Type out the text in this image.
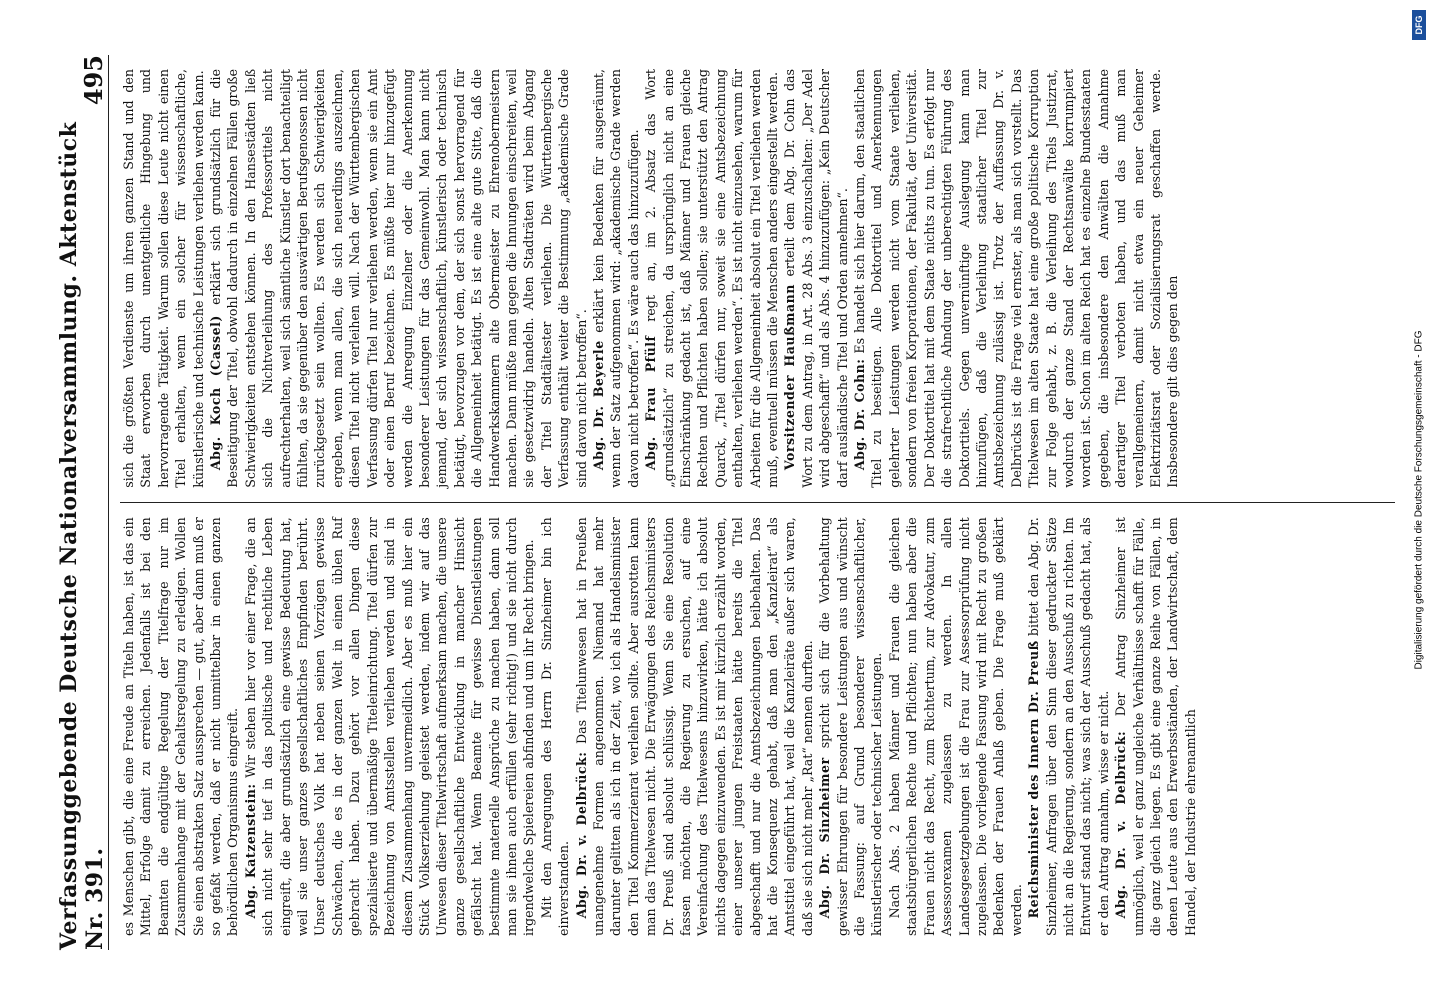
Verfassunggebende Deutsche Nationalversammlung. Aktenstück Nr. 391.
495

es Menschen gibt, die eine Freude an Titeln haben, ist das ein Mittel, Erfolge damit zu erreichen. Jedenfalls ist bei den Beamten die endgültige Regelung der Titelfrage nur im Zusammenhange mit der Gehaltsregelung zu erledigen. Wollen Sie einen abstrakten Satz aussprechen — gut, aber dann muß er so gefaßt werden, daß er nicht unmittelbar in einen ganzen behördlichen Organismus eingreift. Abg. Katzenstein: Wir stehen hier vor einer Frage, die an sich nicht sehr tief in das politische und rechtliche Leben eingreift, die aber grundsätzlich eine gewisse Bedeutung hat, weil sie unser ganzes gesellschaftliches Empfinden berührt. Unser deutsches Volk hat neben seinen Vorzügen gewisse Schwächen, die es in der ganzen Welt in einen üblen Ruf gebracht haben. Dazu gehört vor allen Dingen diese spezialisierte und übermäßige Titeleinrichtung. Titel dürfen zur Bezeichnung von Amtsstellen verliehen werden und sind in diesem Zusammenhang unvermeidlich. Aber es muß hier ein Stück Volkserziehung geleistet werden, indem wir auf das Unwesen dieser Titelwirtschaft aufmerksam machen, die unsere ganze gesellschaftliche Entwicklung in mancher Hinsicht gefälscht hat. Wenn Beamte für gewisse Dienstleistungen bestimmte materielle Ansprüche zu machen haben, dann soll man sie ihnen auch erfüllen (sehr richtig!) und sie nicht durch irgendwelche Spielereien abfinden und um ihr Recht bringen. Mit den Anregungen des Herrn Dr. Sinzheimer bin ich einverstanden. Abg. Dr. v. Delbrück: Das Titelunwesen hat in Preußen unangenehme Formen angenommen. Niemand hat mehr darunter gelitten als ich in der Zeit, wo ich als Handelsminister den Titel Kommerzienrat verleihen sollte. Aber ausrotten kann man das Titelwesen nicht. Die Erwägungen des Reichsministers Dr. Preuß sind absolut schlüssig. Wenn Sie eine Resolution fassen möchten, die Regierung zu ersuchen, auf eine Vereinfachung des Titelwesens hinzuwirken, hätte ich absolut nichts dagegen einzuwenden. Es ist mir kürzlich erzählt worden, einer unserer jungen Freistaaten hätte bereits die Titel abgeschafft und nur die Amtsbezeichnungen beibehalten. Das hat die Konsequenz gehabt, daß man den „Kanzleirat“ als Amtstitel eingeführt hat, weil die Kanzleiräte außer sich waren, daß sie sich nicht mehr „Rat“ nennen durften. Abg. Dr. Sinzheimer spricht sich für die Vorbehaltung gewisser Ehrungen für besondere Leistungen aus und wünscht die Fassung: auf Grund besonderer wissenschaftlicher, künstlerischer oder technischer Leistungen. Nach Abs. 2 haben Männer und Frauen die gleichen staatsbürgerlichen Rechte und Pflichten; nun haben aber die Frauen nicht das Recht, zum Richtertum, zur Advokatur, zum Assessorexamen zugelassen zu werden. In allen Landesgesetzgebungen ist die Frau zur Assessorprüfung nicht zugelassen. Die vorliegende Fassung wird mit Recht zu großen Bedenken der Frauen Anlaß geben. Die Frage muß geklärt werden. Reichsminister des Innern Dr. Preuß bittet den Abg. Dr. Sinzheimer, Anfragen über den Sinn dieser gedruckter Sätze nicht an die Regierung, sondern an den Ausschuß zu richten. Im Entwurf stand das nicht; was sich der Ausschuß gedacht hat, als er den Antrag annahm, wisse er nicht. Abg. Dr. v. Delbrück: Der Antrag Sinzheimer ist unmöglich, weil er ganz ungleiche Verhältnisse schafft für Fälle, die ganz gleich liegen. Es gibt eine ganze Reihe von Fällen, in denen Leute aus den Erwerbsständen, der Landwirtschaft, dem Handel, der Industrie ehrenamtlich

sich die größten Verdienste um ihren ganzen Stand und den Staat erworben durch unentgeltliche Hingebung und hervorragende Tätigkeit. Warum sollen diese Leute nicht einen Titel erhalten, wenn ein solcher für wissenschaftliche, künstlerische und technische Leistungen verliehen werden kann. Abg. Koch (Cassel) erklärt sich grundsätzlich für die Beseitigung der Titel, obwohl dadurch in einzelnen Fällen große Schwierigkeiten entstehen können. In den Hansestädten ließ sich die Nichtverleihung des Professortitels nicht aufrechterhalten, weil sich sämtliche Künstler dort benachteiligt fühlten, da sie gegenüber den auswärtigen Berufsgenossen nicht zurückgesetzt sein wollten. Es werden sich Schwierigkeiten ergeben, wenn man allen, die sich neuerdings auszeichnen, diesen Titel nicht verleihen will. Nach der Württembergischen Verfassung dürfen Titel nur verliehen werden, wenn sie ein Amt oder einen Beruf bezeichnen. Es müßte hier nur hinzugefügt werden die Anregung Einzelner oder die Anerkennung besonderer Leistungen für das Gemeinwohl. Man kann nicht jemand, der sich wissenschaftlich, künstlerisch oder technisch betätigt, bevorzugen vor dem, der sich sonst hervorragend für die Allgemeinheit betätigt. Es ist eine alte gute Sitte, daß die Handwerkskammern alte Obermeister zu Ehrenobermeistern machen. Dann müßte man gegen die Innungen einschreiten, weil sie gesetzwidrig handeln. Alten Stadträten wird beim Abgang der Titel Stadtältester verliehen. Die Württembergische Verfassung enthält weiter die Bestimmung „akademische Grade sind davon nicht betroffen“. Abg. Dr. Beyerle erklärt kein Bedenken für ausgeräumt, wenn der Satz aufgenommen wird: „akademische Grade werden davon nicht betroffen“. Es wäre auch das hinzuzufügen. Abg. Frau Pfülf regt an, im 2. Absatz das Wort „grundsätzlich“ zu streichen, da ursprünglich nicht an eine Einschränkung gedacht ist, daß Männer und Frauen gleiche Rechten und Pflichten haben sollen; sie unterstützt den Antrag Quarck, „Titel dürfen nur, soweit sie eine Amtsbezeichnung enthalten, verliehen werden“. Es ist nicht einzusehen, warum für Arbeiten für die Allgemeinheit absolut ein Titel verliehen werden muß, eventuell müssen die Menschen anders eingestellt werden. Vorsitzender Haußmann erteilt dem Abg. Dr. Cohn das Wort zu dem Antrag, in Art. 28 Abs. 3 einzuschalten: „Der Adel wird abgeschafft“ und als Abs. 4 hinzuzufügen: „Kein Deutscher darf ausländische Titel und Orden annehmen“. Abg. Dr. Cohn: Es handelt sich hier darum, den staatlichen Titel zu beseitigen. Alle Doktortitel und Anerkennungen gelehrter Leistungen werden nicht vom Staate verliehen, sondern von freien Korporationen, der Fakultät, der Universität. Der Doktortitel hat mit dem Staate nichts zu tun. Es erfolgt nur die strafrechtliche Ahndung der unberechtigten Führung des Doktortitels. Gegen unvernünftige Auslegung kann man hinzufügen, daß die Verleihung staatlicher Titel zur Amtsbezeichnung zulässig ist. Trotz der Auffassung Dr. v. Delbrücks ist die Frage viel ernster, als man sich vorstellt. Das Titelwesen im alten Staate hat eine große politische Korruption zur Folge gehabt, z. B. die Verleihung des Titels Justizrat, wodurch der ganze Stand der Rechtsanwälte korrumpiert worden ist. Schon im alten Reich hat es einzelne Bundesstaaten gegeben, die insbesondere den Anwälten die Annahme derartiger Titel verboten haben, und das muß man verallgemeinern, damit nicht etwa ein neuer Geheimer Elektrizitätsrat oder Sozialisierungsrat geschaffen werde. Insbesondere gilt dies gegen den	Digitalisierung gefördert durch die Deutsche Forschungsgemeinschaft - DFG
DFG
